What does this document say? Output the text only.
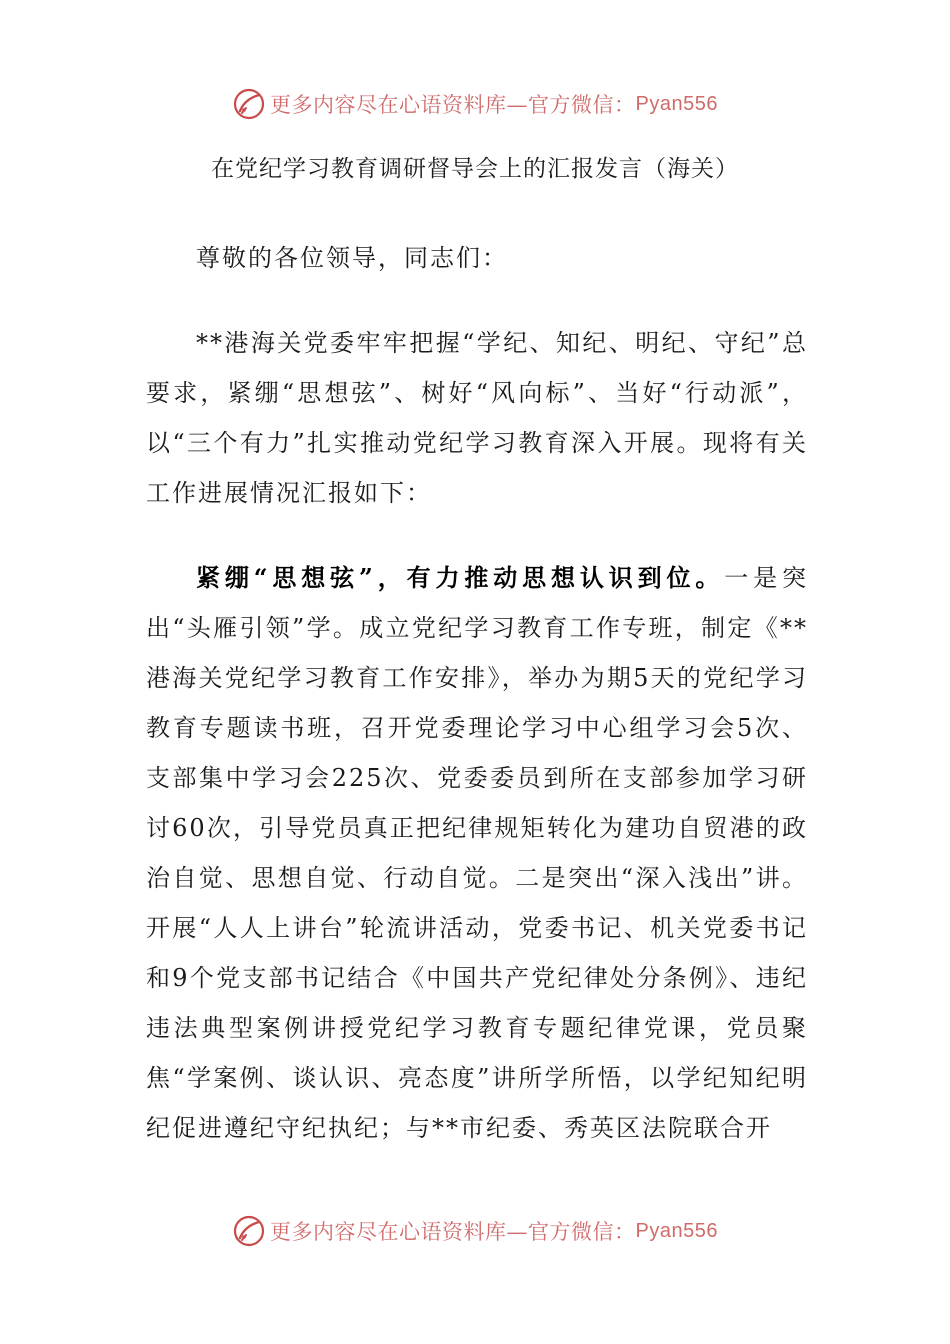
更多内容尽在心语资料库—官方微信： Pyan556
在党纪学习教育调研督导会上的汇报发言（海关）

尊敬的各位领导，同志们：

**港海关党委牢牢把握“学纪、知纪、明纪、守纪”总要求，紧绷“思想弦”、树好“风向标”、当好“行动派”，以“三个有力”扎实推动党纪学习教育深入开展。现将有关工作进展情况汇报如下：

紧绷“思想弦”，有力推动思想认识到位。一是突出“头雁引领”学。成立党纪学习教育工作专班，制定《**港海关党纪学习教育工作安排》，举办为期5天的党纪学习教育专题读书班，召开党委理论学习中心组学习会5次、支部集中学习会225次、党委委员到所在支部参加学习研讨60次，引导党员真正把纪律规矩转化为建功自贸港的政治自觉、思想自觉、行动自觉。二是突出“深入浅出”讲。开展“人人上讲台”轮流讲活动，党委书记、机关党委书记和9个党支部书记结合《中国共产党纪律处分条例》、违纪违法典型案例讲授党纪学习教育专题纪律党课，党员聚焦“学案例、谈认识、亮态度”讲所学所悟，以学纪知纪明纪促进遵纪守纪执纪；与**市纪委、秀英区法院联合开

更多内容尽在心语资料库—官方微信： Pyan556
